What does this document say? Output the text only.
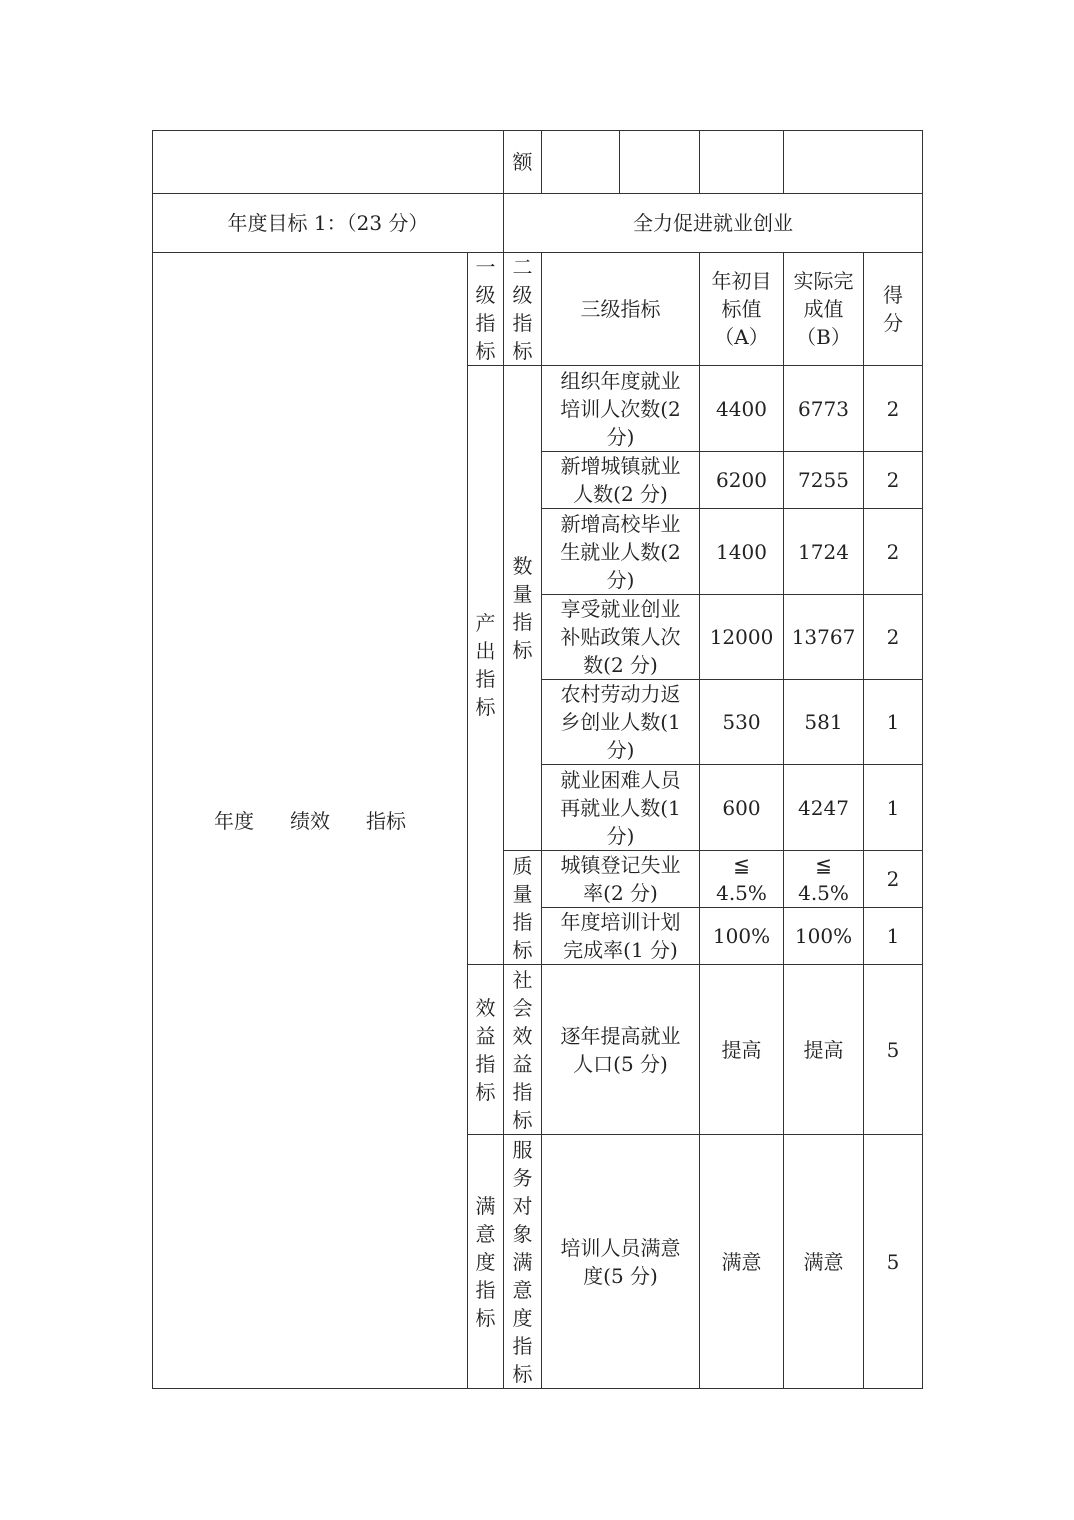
		额		

年度目标 1：（23 分）		全力促进就业创业				
年度 绩效 指标	一级指标	二级指标	三级指标	年初目标值（A）	实际完成值（B）	得分
	产出指标	数量指标	组织年度就业培训人次数(2分)	4400	6773	2
			新增城镇就业人数(2 分)	6200	7255	2
			新增高校毕业生就业人数(2分)	1400	1724	2
			享受就业创业补贴政策人次数(2 分)	12000	13767	2
			农村劳动力返乡创业人数(1分)	530	581	1
			就业困难人员再就业人数(1分)	600	4247	1
		质量指标	城镇登记失业率(2 分)	≦ 4.5%	≦ 4.5%	2
			年度培训计划完成率(1 分)	100%	100%	1
	效益指标	社会效益指标	逐年提高就业人口(5 分)	提高	提高	5
	满意度指标	服务对象满意度指标	培训人员满意度(5 分)	满意	满意	5
